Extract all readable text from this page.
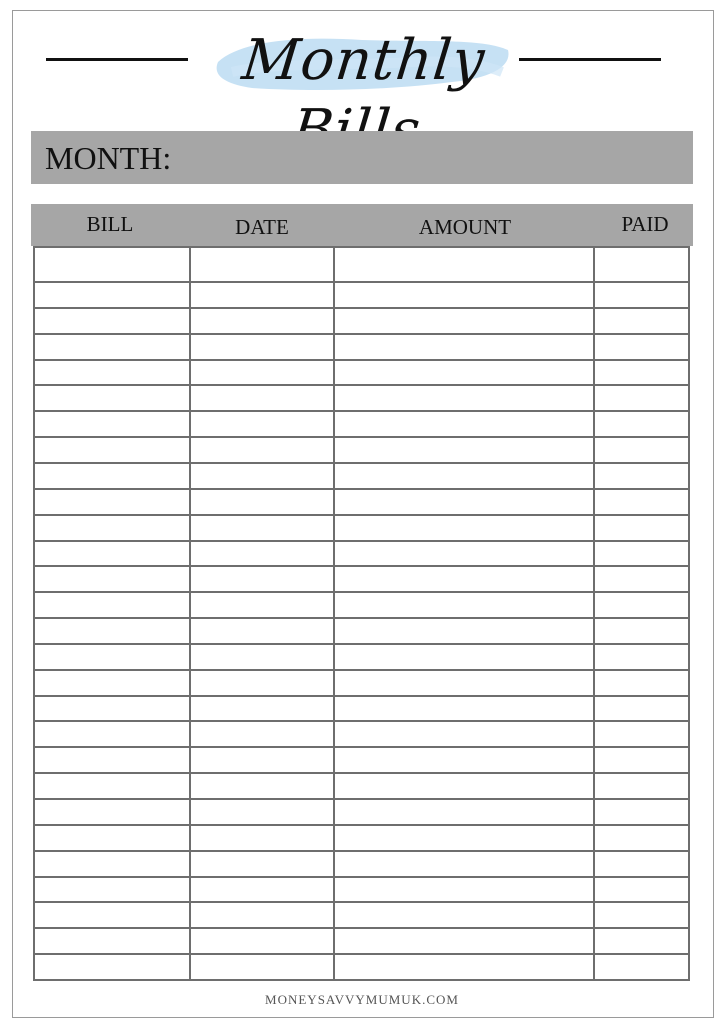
Monthly
MONTH:
BILL	DATE	AMOUNT	PAID
MONEYSAVVYMUMUK.COM
